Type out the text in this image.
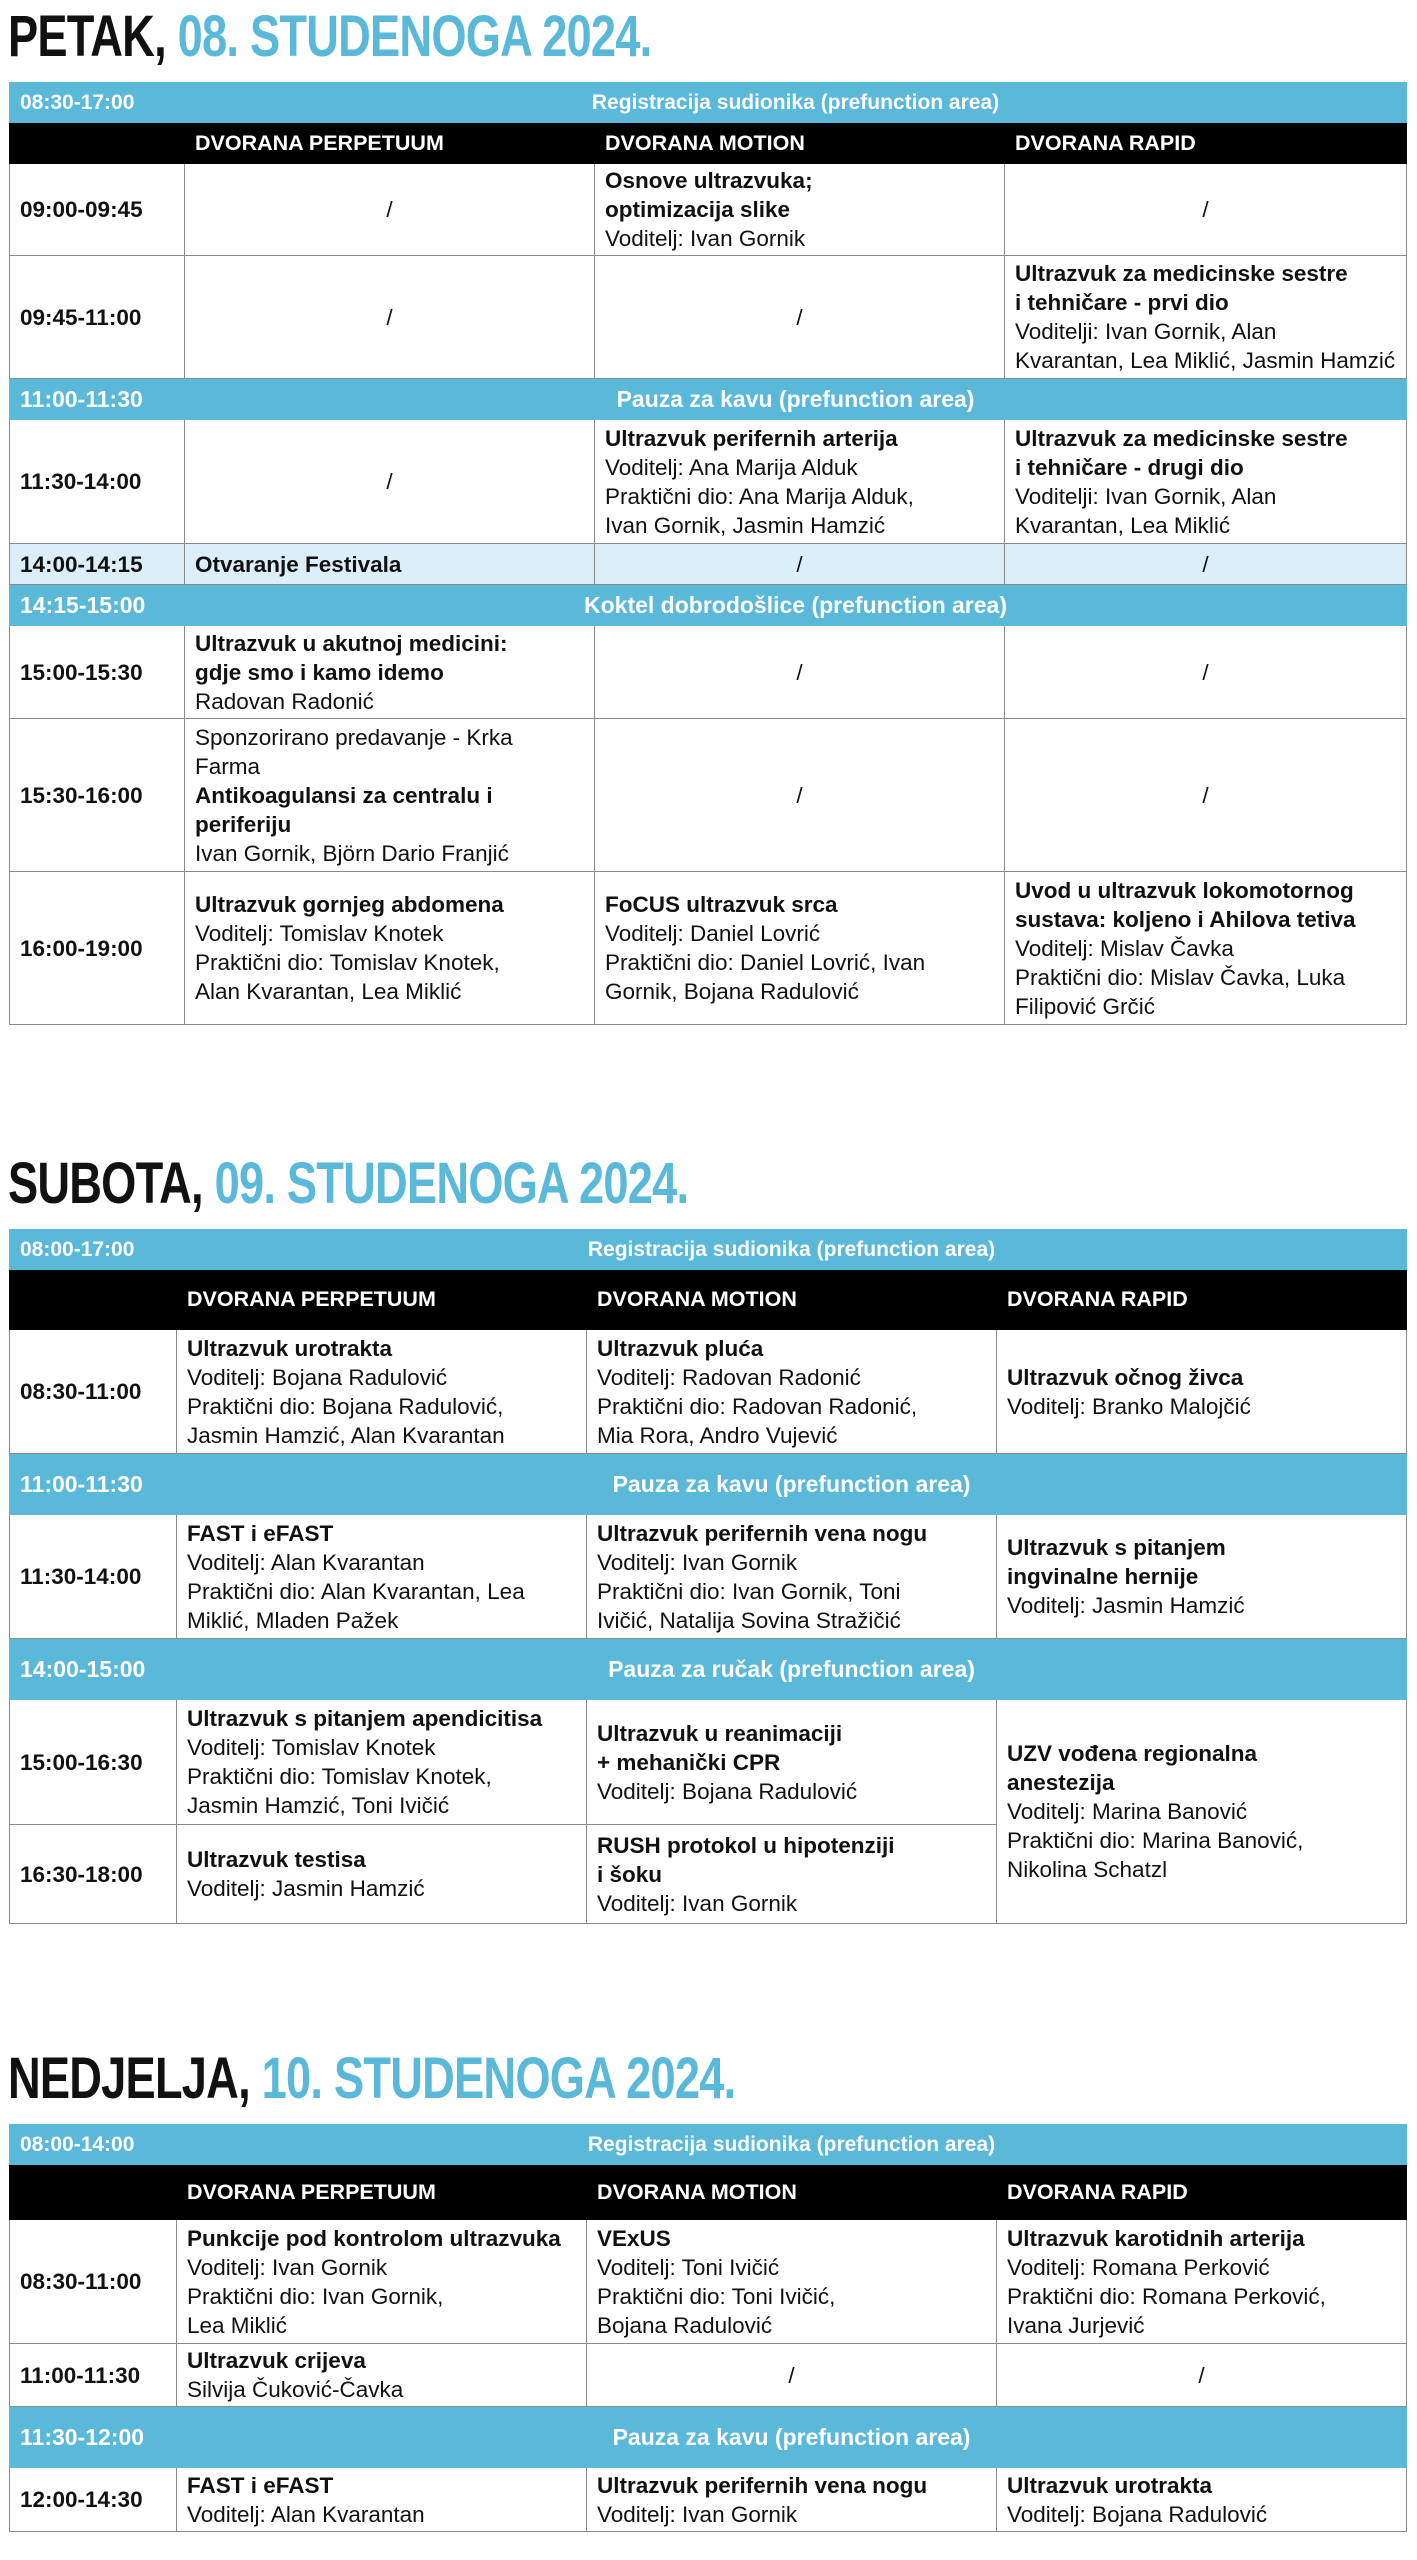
PETAK, 08. STUDENOGA 2024.
08:30-17:00	Registracija sudionika (prefunction area)		
	DVORANA PERPETUUM	DVORANA MOTION	DVORANA RAPID
09:00-09:45	/	Osnove ultrazvuka;
optimizacija slike
Voditelj: Ivan Gornik	/
09:45-11:00	/	/	Ultrazvuk za medicinske sestre
i tehničare - prvi dio
Voditelji: Ivan Gornik, Alan
Kvarantan, Lea Miklić, Jasmin Hamzić

11:00-11:30	Pauza za kavu (prefunction area)		
11:30-14:00	/	Ultrazvuk perifernih arterija
Voditelj: Ana Marija Alduk
Praktični dio: Ana Marija Alduk,
Ivan Gornik, Jasmin Hamzić	Ultrazvuk za medicinske sestre
i tehničare - drugi dio
Voditelji: Ivan Gornik, Alan
Kvarantan, Lea Miklić

14:00-14:15	Otvaranje Festivala	/	/
14:15-15:00	Koktel dobrodošlice (prefunction area)		
15:00-15:30	Ultrazvuk u akutnoj medicini:
gdje smo i kamo idemo
Radovan Radonić	/	/
15:30-16:00	Sponzorirano predavanje - Krka
Farma
Antikoagulansi za centralu i
periferiju
Ivan Gornik, Björn Dario Franjić	/	/
16:00-19:00	Ultrazvuk gornjeg abdomena
Voditelj: Tomislav Knotek
Praktični dio: Tomislav Knotek,
Alan Kvarantan, Lea Miklić	FoCUS ultrazvuk srca
Voditelj: Daniel Lovrić
Praktični dio: Daniel Lovrić, Ivan
Gornik, Bojana Radulović	Uvod u ultrazvuk lokomotornog
sustava: koljeno i Ahilova tetiva
Voditelj: Mislav Čavka
Praktični dio: Mislav Čavka, Luka
Filipović Grčić
SUBOTA, 09. STUDENOGA 2024.
08:00-17:00	Registracija sudionika (prefunction area)		
	DVORANA PERPETUUM	DVORANA MOTION	DVORANA RAPID
08:30-11:00	Ultrazvuk urotrakta
Voditelj: Bojana Radulović
Praktični dio: Bojana Radulović,
Jasmin Hamzić, Alan Kvarantan	Ultrazvuk pluća
Voditelj: Radovan Radonić
Praktični dio: Radovan Radonić,
Mia Rora, Andro Vujević	Ultrazvuk očnog živca
Voditelj: Branko Malojčić

11:00-11:30	Pauza za kavu (prefunction area)		
11:30-14:00	FAST i eFAST
Voditelj: Alan Kvarantan
Praktični dio: Alan Kvarantan, Lea
Miklić, Mladen Pažek	Ultrazvuk perifernih vena nogu
Voditelj: Ivan Gornik
Praktični dio: Ivan Gornik, Toni
Ivičić, Natalija Sovina Stražičić	Ultrazvuk s pitanjem
ingvinalne hernije
Voditelj: Jasmin Hamzić

14:00-15:00	Pauza za ručak (prefunction area)		
15:00-16:30	Ultrazvuk s pitanjem apendicitisa
Voditelj: Tomislav Knotek
Praktični dio: Tomislav Knotek,
Jasmin Hamzić, Toni Ivičić	Ultrazvuk u reanimaciji
+ mehanički CPR
Voditelj: Bojana Radulović	UZV vođena regionalna
anestezija
Voditelj: Marina Banović
Praktični dio: Marina Banović,
Nikolina Schatzl

16:30-18:00	Ultrazvuk testisa
Voditelj: Jasmin Hamzić	RUSH protokol u hipotenziji
i šoku
Voditelj: Ivan Gornik	
NEDJELJA, 10. STUDENOGA 2024.
08:00-14:00	Registracija sudionika (prefunction area)		
	DVORANA PERPETUUM	DVORANA MOTION	DVORANA RAPID
08:30-11:00	Punkcije pod kontrolom ultrazvuka
Voditelj: Ivan Gornik
Praktični dio: Ivan Gornik,
Lea Miklić	VExUS
Voditelj: Toni Ivičić
Praktični dio: Toni Ivičić,
Bojana Radulović	Ultrazvuk karotidnih arterija
Voditelj: Romana Perković
Praktični dio: Romana Perković,
Ivana Jurjević

11:00-11:30	Ultrazvuk crijeva
Silvija Čuković-Čavka	/	/
11:30-12:00	Pauza za kavu (prefunction area)		
12:00-14:30	FAST i eFAST
Voditelj: Alan Kvarantan	Ultrazvuk perifernih vena nogu
Voditelj: Ivan Gornik	Ultrazvuk urotrakta
Voditelj: Bojana Radulović
